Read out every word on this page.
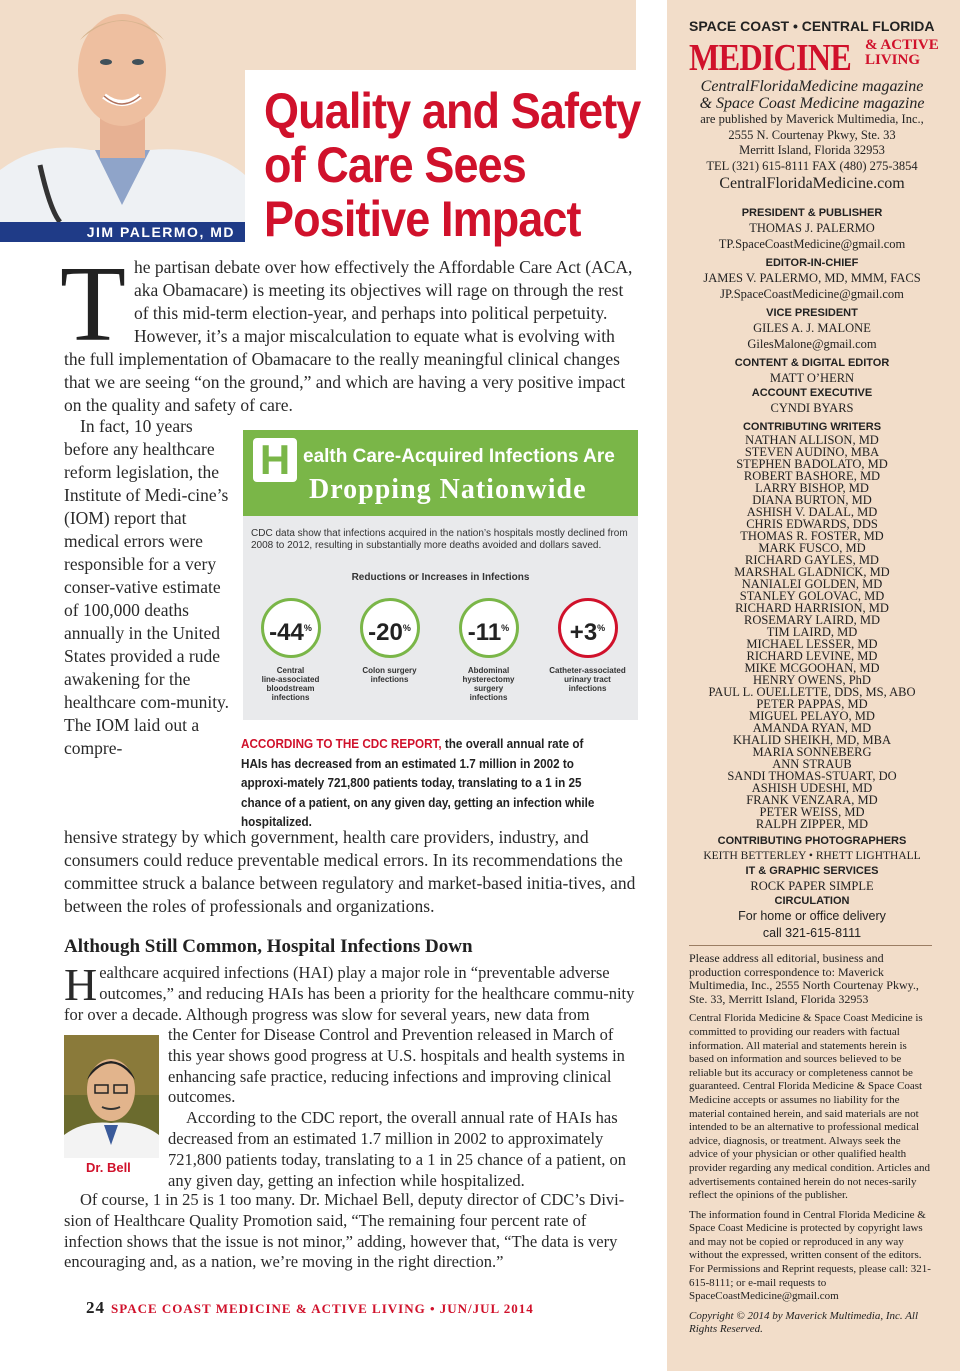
JIM PALERMO, MD
Quality and Safety
of Care Sees
Positive Impact

The partisan debate over how effectively the Affordable Care Act (ACA, aka Obamacare) is meeting its objectives will rage on through the rest of this mid-term election-year, and perhaps into political perpetuity. However, it’s a major miscalculation to equate what is evolving with the full implementation of Obamacare to the really meaningful clinical changes that we are seeing “on the ground,” and which are having a very positive impact on the quality and safety of care.

In fact, 10 years before any healthcare reform legislation, the Institute of Medi-cine’s (IOM) report that medical errors were responsible for a very conser-vative estimate of 100,000 deaths annually in the United States provided a rude awakening for the healthcare com-munity. The IOM laid out a compre-

H ealth Care-Acquired Infections Are
Dropping Nationwide

CDC data show that infections acquired in the nation’s hospitals mostly declined from 2008 to 2012, resulting in substantially more deaths avoided and dollars saved.

Reductions or Increases in Infections
-44%
Central
line-associated
bloodstream
infections
-20%
Colon surgery
infections
-11%
Abdominal
hysterectomy
surgery
infections
+3%
Catheter-associated
urinary tract
infections

ACCORDING TO THE CDC REPORT, the overall annual rate of HAIs has decreased from an estimated 1.7 million in 2002 to approxi-mately 721,800 patients today, translating to a 1 in 25 chance of a patient, on any given day, getting an infection while hospitalized.

hensive strategy by which government, health care providers, industry, and consumers could reduce preventable medical errors. In its recommendations the committee struck a balance between regulatory and market-based initia-tives, and between the roles of professionals and organizations.

Although Still Common, Hospital Infections Down

Healthcare acquired infections (HAI) play a major role in “preventable adverse outcomes,” and reducing HAIs has been a priority for the healthcare commu-nity for over a decade. Although progress was slow for several years, new data from

Dr. Bell

the Center for Disease Control and Prevention released in March of this year shows good progress at U.S. hospitals and health systems in enhancing safe practice, reducing infections and improving clinical outcomes.

According to the CDC report, the overall annual rate of HAIs has decreased from an estimated 1.7 million in 2002 to approximately 721,800 patients today, translating to a 1 in 25 chance of a patient, on any given day, getting an infection while hospitalized.

Of course, 1 in 25 is 1 too many. Dr. Michael Bell, deputy director of CDC’s Divi-sion of Healthcare Quality Promotion said, “The remaining four percent rate of infection shows that the issue is not minor,” adding, however that, “The data is very encouraging and, as a nation, we’re moving in the right direction.”

24 SPACE COAST MEDICINE & ACTIVE LIVING • JUN/JUL 2014
SPACE COAST • CENTRAL FLORIDA
MEDICINE & ACTIVE
LIVING
CentralFloridaMedicine magazine
& Space Coast Medicine magazine
are published by Maverick Multimedia, Inc.,
2555 N. Courtenay Pkwy, Ste. 33
Merritt Island, Florida 32953
TEL (321) 615-8111 FAX (480) 275-3854
CentralFloridaMedicine.com
PRESIDENT & PUBLISHER
THOMAS J. PALERMO
TP.SpaceCoastMedicine@gmail.com
EDITOR-IN-CHIEF
JAMES V. PALERMO, MD, MMM, FACS
JP.SpaceCoastMedicine@gmail.com
VICE PRESIDENT
GILES A. J. MALONE
GilesMalone@gmail.com
CONTENT & DIGITAL EDITOR
MATT O’HERN
ACCOUNT EXECUTIVE
CYNDI BYARS
CONTRIBUTING WRITERS
NATHAN ALLISON, MD
STEVEN AUDINO, MBA
STEPHEN BADOLATO, MD
ROBERT BASHORE, MD
LARRY BISHOP, MD
DIANA BURTON, MD
ASHISH V. DALAL, MD
CHRIS EDWARDS, DDS
THOMAS R. FOSTER, MD
MARK FUSCO, MD
RICHARD GAYLES, MD
MARSHAL GLADNICK, MD
NANIALEI GOLDEN, MD
STANLEY GOLOVAC, MD
RICHARD HARRISION, MD
ROSEMARY LAIRD, MD
TIM LAIRD, MD
MICHAEL LESSER, MD
RICHARD LEVINE, MD
MIKE MCGOOHAN, MD
HENRY OWENS, PhD
PAUL L. OUELLETTE, DDS, MS, ABO
PETER PAPPAS, MD
MIGUEL PELAYO, MD
AMANDA RYAN, MD
KHALID SHEIKH, MD, MBA
MARIA SONNEBERG
ANN STRAUB
SANDI THOMAS-STUART, DO
ASHISH UDESHI, MD
FRANK VENZARA, MD
PETER WEISS, MD
RALPH ZIPPER, MD
CONTRIBUTING PHOTOGRAPHERS
KEITH BETTERLEY • RHETT LIGHTHALL
IT & GRAPHIC SERVICES
ROCK PAPER SIMPLE
CIRCULATION
For home or office delivery
call 321-615-8111

Please address all editorial, business and production correspondence to: Maverick Multimedia, Inc., 2555 North Courtenay Pkwy., Ste. 33, Merritt Island, Florida 32953

Central Florida Medicine & Space Coast Medicine is committed to providing our readers with factual information. All material and statements herein is based on information and sources believed to be reliable but its accuracy or completeness cannot be guaranteed. Central Florida Medicine & Space Coast Medicine accepts or assumes no liability for the material contained herein, and said materials are not intended to be an alternative to professional medical advice, diagnosis, or treatment. Always seek the advice of your physician or other qualified health provider regarding any medical condition. Articles and advertisements contained herein do not neces-sarily reflect the opinions of the publisher.

The information found in Central Florida Medicine & Space Coast Medicine is protected by copyright laws and may not be copied or reproduced in any way without the expressed, written consent of the editors. For Permissions and Reprint requests, please call: 321-615-8111; or e-mail requests to SpaceCoastMedicine@gmail.com

Copyright © 2014 by Maverick Multimedia, Inc. All Rights Reserved.
